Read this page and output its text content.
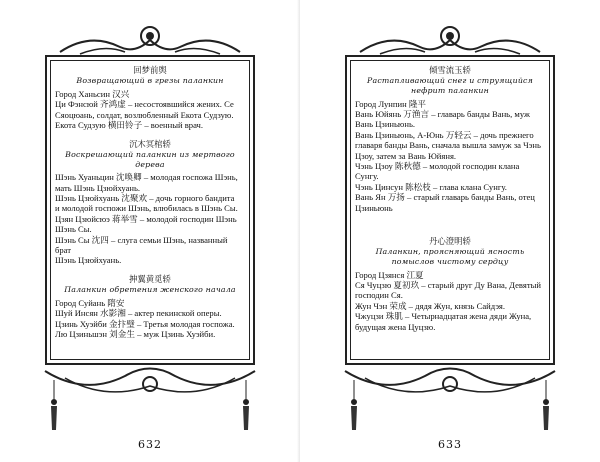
回梦前舆

Возвращающий в грезы паланкин

Город Ханьсин 汉兴

Ци Фэнсюй 齐鸿虚 – несостоявшийся жених. Се

Сяоцюань, солдат, возлюбленный Екота Судзую.

Екота Судзую 横田铃子 – военный врач.

沉木冥棺轿

Воскрешающий паланкин из мертвого дерева

Шэнь Хуаньцин 沈唤卿 – молодая госпожа Шэнь,

мать Шэнь Цзюйхуань.

Шэнь Цзюйхуань 沈聚欢 – дочь горного бандита

и молодой госпожи Шэнь, влюбилась в Шэнь Сы.

Цзян Цзюйсюэ 蒋举雪 – молодой господин Шэнь

Шэнь Сы.

Шэнь Сы 沈四 – слуга семьи Шэнь, названный брат

Шэнь Цзюйхуань.

抻翼黄觅轿

Паланкин обретения женского начала

Город Суйань 隋安

Шуй Инсян 水影湘 – актер пекинской оперы.

Цзинь Хуэйби 金抃璧 – Третья молодая госпожа.

Лю Цзиньшэн 刘金生 – муж Цзинь Хуэйби.

632

倾雪流玉轿

Растапливающий снег и струящийся нефрит паланкин

Город Лунпин 隆平

Вань Юйянь 万渔言 – главарь банды Вань, муж

Вань Цзиньюнь.

Вань Цзиньюнь, А-Юнь 万轻云 – дочь прежнего

главаря банды Вань, сначала вышла замуж за Чэнь

Цзоу, затем за Вань Юйяня.

Чэнь Цзоу 陈秋德 – молодой господин клана

Сунгу.

Чэнь Цинсун 陈松枝 – глава клана Сунгу.

Вань Ян 万扬 – старый главарь банды Вань, отец

Цзиньюнь

丹心澄明轿

Паланкин, проясняющий ясность помыслов чистому сердцу

Город Цзянся 江夏

Ся Чуцзю 夏初玖 – старый друг Ду Вана, Девятый

господин Ся.

Жун Чэн 荣成 – дядя Жун, князь Сайдэя.

Чжуцзи 珠肌 – Четырнадцатая жена дяди Жуна,

будущая жена Цуцзю.

633
